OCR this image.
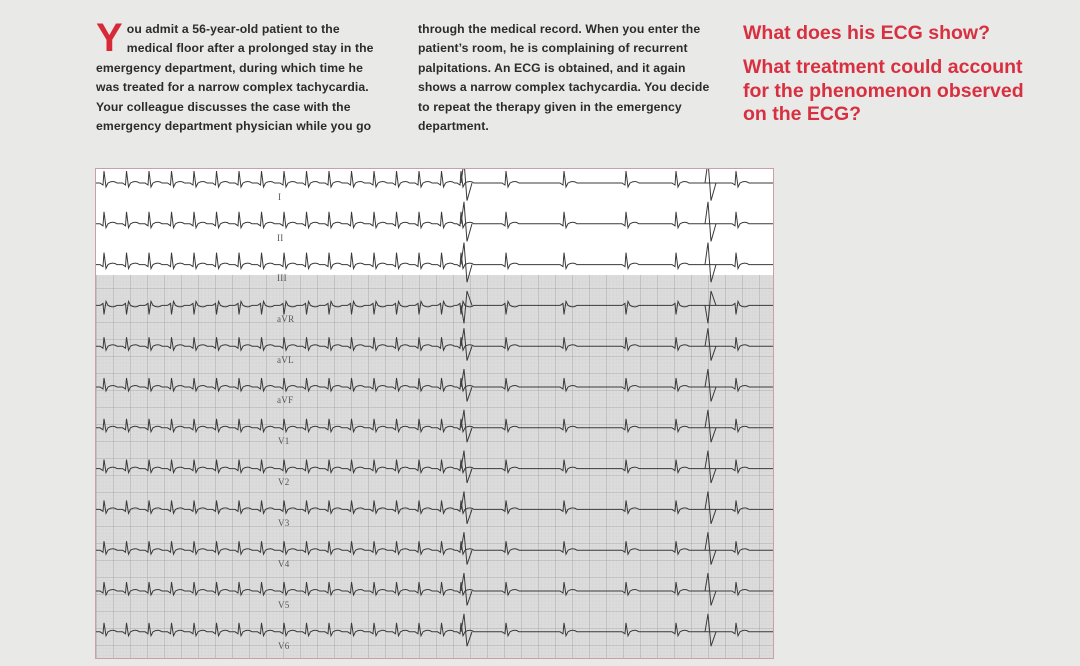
You admit a 56-year-old patient to the medical floor after a prolonged stay in the emergency department, during which time he was treated for a narrow complex tachycardia. Your colleague discusses the case with the emergency department physician while you go
through the medical record. When you enter the patient’s room, he is complaining of recurrent palpitations. An ECG is obtained, and it again shows a narrow complex tachycardia. You decide to repeat the therapy given in the emergency department.
What does his ECG show?
What treatment could account for the phenomenon observed on the ECG?
I
II
III
aVR
aVL
aVF
V1
V2
V3
V4
V5
V6
